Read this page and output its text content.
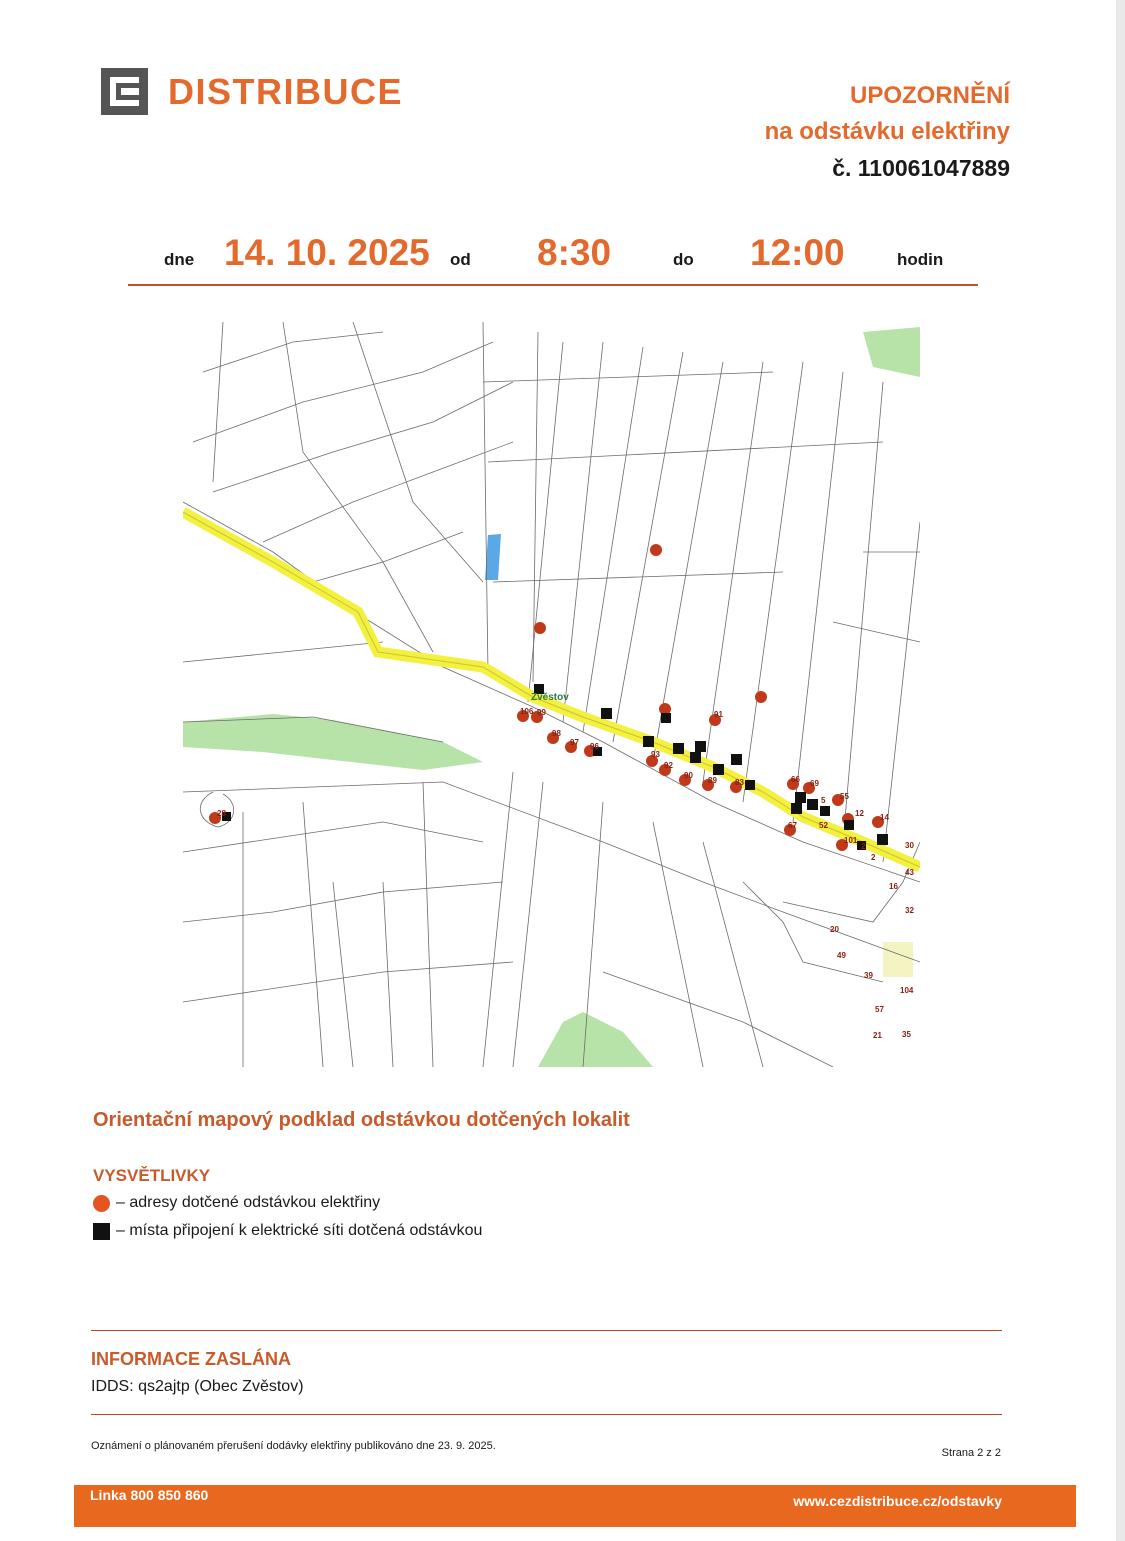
DISTRIBUCE	UPOZORNĚNÍ
na odstávku elektřiny
č. 110061047889
dne 14. 10. 2025 od 8:30	do 12:00	hodin
Zvěstov
106 99
98
97 96
93
92
91
90
89 83	66 69
5 55
52
12 14
67
101
2
2
30
43
16
32
28
20
49
39
104
57
35
21
Orientační mapový podklad odstávkou dotčených lokalit
VYSVĚTLIVKY
– adresy dotčené odstávkou elektřiny
– místa připojení k elektrické síti dotčená odstávkou
INFORMACE ZASLÁNA
IDDS: qs2ajtp (Obec Zvěstov)
Oznámení o plánovaném přerušení dodávky elektřiny publikováno dne 23. 9. 2025.
Strana 2 z 2
Linka 800 850 860	www.cezdistribuce.cz/odstavky
